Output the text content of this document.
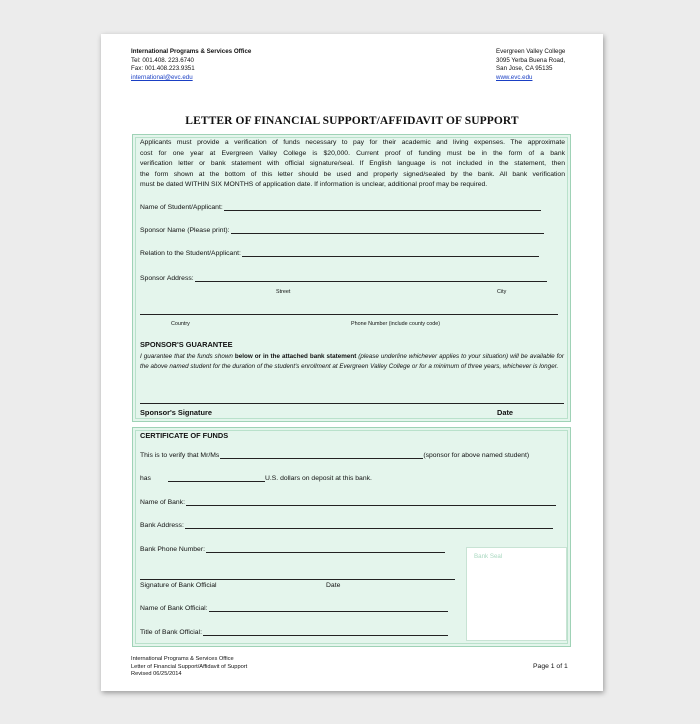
International Programs & Services Office
Tel: 001.408. 223.6740
Fax: 001.408.223.9351
international@evc.edu
Evergreen Valley College
3095 Yerba Buena Road,
San Jose, CA 95135
www.evc.edu
LETTER OF FINANCIAL SUPPORT/AFFIDAVIT OF SUPPORT
Applicants must provide a verification of funds necessary to pay for their academic and living expenses. The approximate
cost for one year at Evergreen Valley College is $20,000. Current proof of funding must be in the form of a bank
verification letter or bank statement with official signature/seal. If English language is not included in the statement, then
the form shown at the bottom of this letter should be used and properly signed/sealed by the bank. All bank verification
must be dated WITHIN SIX MONTHS of application date. If information is unclear, additional proof may be required.
Name of Student/Applicant:
Sponsor Name (Please print):
Relation to the Student/Applicant:
Sponsor Address:
Street	City
Country	Phone Number (include county code)
SPONSOR'S GUARANTEE
I guarantee that the funds shown below or in the attached bank statement (please underline whichever applies to your situation) will be available for the above named student for the duration of the student's enrollment at Evergreen Valley College or for a minimum of three years, whichever is longer.
Sponsor's Signature	Date
CERTIFICATE OF FUNDS
This is to verify that Mr/Ms	(sponsor for above named student)
has	U.S. dollars on deposit at this bank.
Name of Bank:
Bank Address:
Bank Phone Number:
Bank Seal
Signature of Bank Official	Date
Name of Bank Official:
Title of Bank Official:
International Programs & Services Office
Letter of Financial Support/Affidavit of Support
Revised 06/25/2014
Page 1 of 1
